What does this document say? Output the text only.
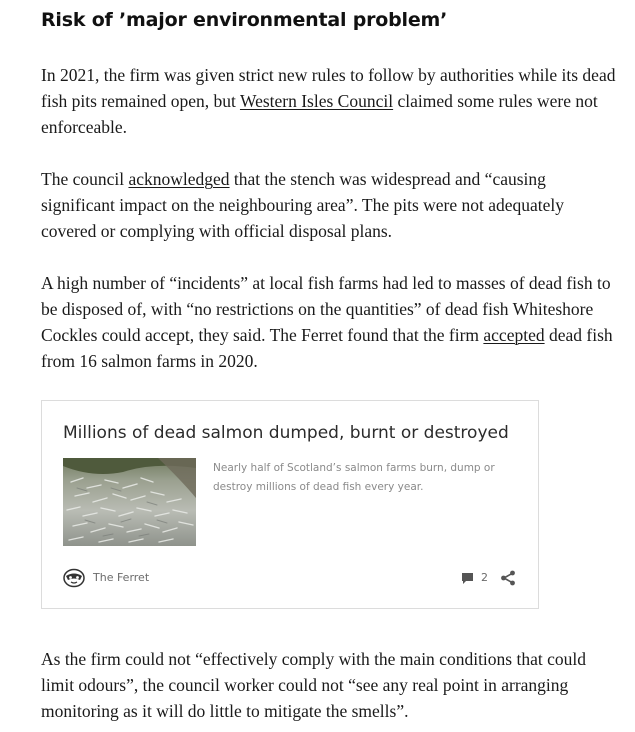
Risk of ’major environmental problem’

In 2021, the firm was given strict new rules to follow by authorities while its dead fish pits remained open, but Western Isles Council claimed some rules were not enforceable.

The council acknowledged that the stench was widespread and “causing significant impact on the neighbouring area”. The pits were not adequately covered or complying with official disposal plans.

A high number of “incidents” at local fish farms had led to masses of dead fish to be disposed of, with “no restrictions on the quantities” of dead fish Whiteshore Cockles could accept, they said. The Ferret found that the firm accepted dead fish from 16 salmon farms in 2020.

Millions of dead salmon dumped, burnt or destroyed

Nearly half of Scotland’s salmon farms burn, dump or destroy millions of dead fish every year.

The Ferret	2

As the firm could not “effectively comply with the main conditions that could limit odours”, the council worker could not “see any real point in arranging monitoring as it will do little to mitigate the smells”.
